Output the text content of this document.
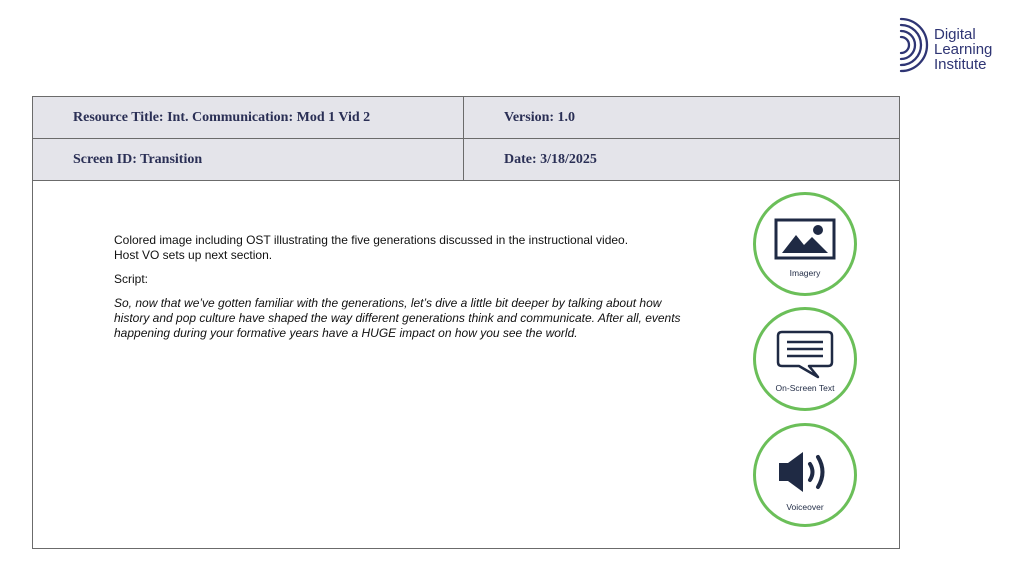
Digital
Learning
Institute
Resource Title: Int. Communication: Mod 1 Vid 2	Version: 1.0
Screen ID: Transition	Date: 3/18/2025

Colored image including OST illustrating the five generations discussed in the instructional video.

Host VO sets up next section.

Script:

So, now that we’ve gotten familiar with the generations, let’s dive a little bit deeper by talking about how history and pop culture have shaped the way different generations think and communicate. After all, events happening during your formative years have a HUGE impact on how you see the world.

Imagery
On-Screen Text
Voiceover
